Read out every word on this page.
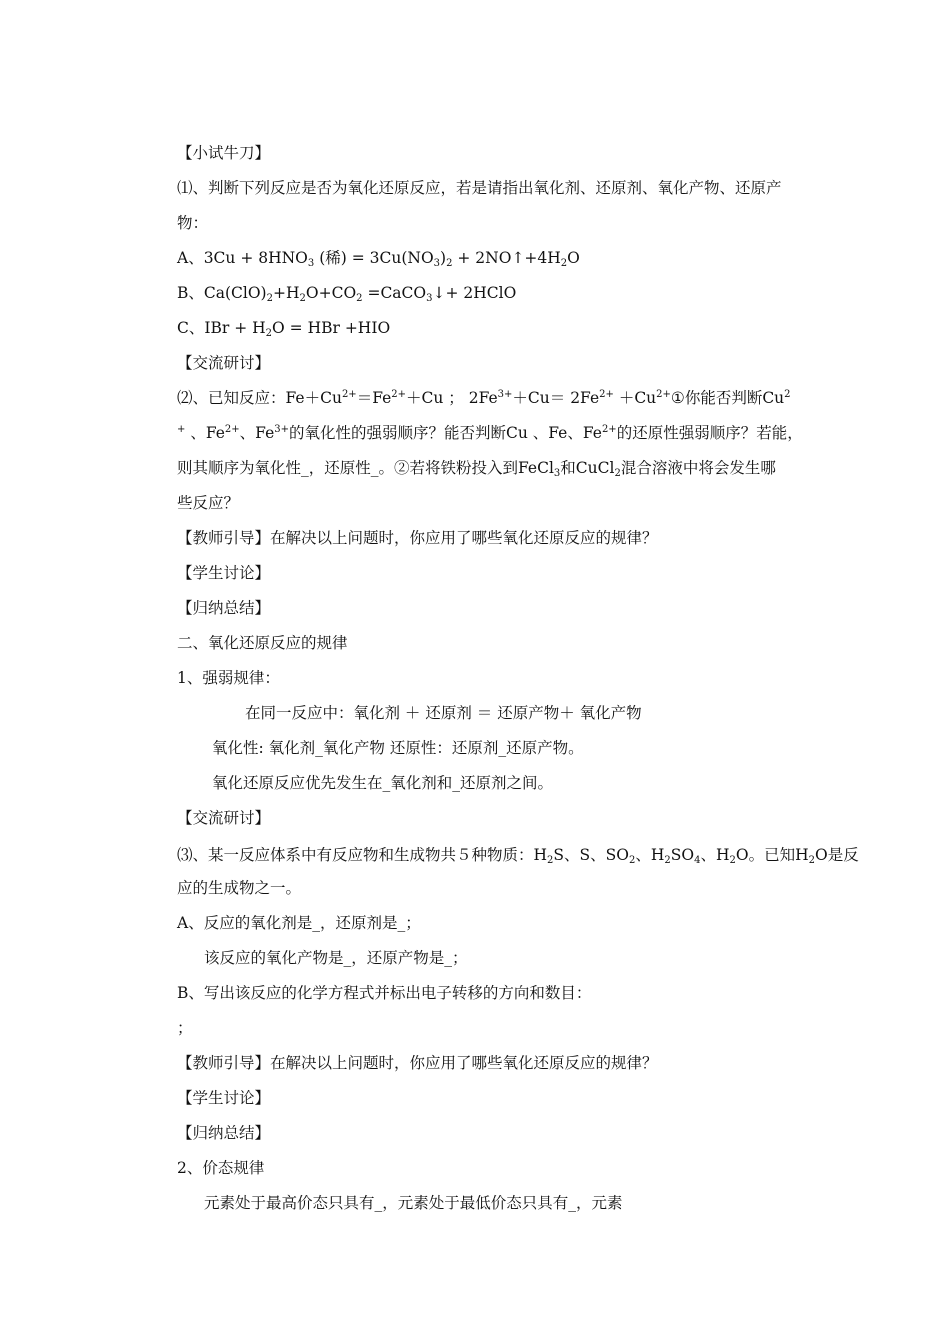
【小试牛刀】
⑴、判断下列反应是否为氧化还原反应，若是请指出氧化剂、还原剂、氧化产物、还原产
物：
A、$3Cu + 8HNO_3$ (稀) = $3Cu(NO_3)_2$ + $2NO↑+4H_2O$
B、$Ca(ClO)_2+H_2O+CO_2$ =CaCO$_3$↓+ 2HClO
C、IBr + $H_2O$ = HBr +HIO
【交流研讨】
⑵、已知反应：$Fe+Cu^{2+}=Fe^{2+}+Cu$ ； $2Fe^{3+}+Cu= 2Fe^{2+}$ $+Cu^{2+}①$你能否判断Cu$^2$
+ 、$Fe^{2+}$、$Fe^{3+}$的氧化性的强弱顺序？能否判断Cu 、Fe、$Fe^{2+}$的还原性强弱顺序？若能，
则其顺序为氧化性_，还原性_。②若将铁粉投入到FeCl$_3$和CuCl$_2$混合溶液中将会发生哪
些反应？
【教师引导】在解决以上问题时，你应用了哪些氧化还原反应的规律？
【学生讨论】
【归纳总结】
二、氧化还原反应的规律
1、强弱规律：
在同一反应中：氧化剂 ＋ 还原剂 ＝ 还原产物＋ 氧化产物
氧化性: 氧化剂_氧化产物 还原性：还原剂_还原产物。
氧化还原反应优先发生在_氧化剂和_还原剂之间。
【交流研讨】
⑶、某一反应体系中有反应物和生成物共５种物质：$H_2S$、S、$SO_2$、$H_2SO_4$、$H_2O$。已知$H_2O$是反
应的生成物之一。
A、反应的氧化剂是_，还原剂是_；
该反应的氧化产物是_，还原产物是_；
B、写出该反应的化学方程式并标出电子转移的方向和数目：
；
【教师引导】在解决以上问题时，你应用了哪些氧化还原反应的规律？
【学生讨论】
【归纳总结】
2、价态规律
元素处于最高价态只具有_，元素处于最低价态只具有_，元素
